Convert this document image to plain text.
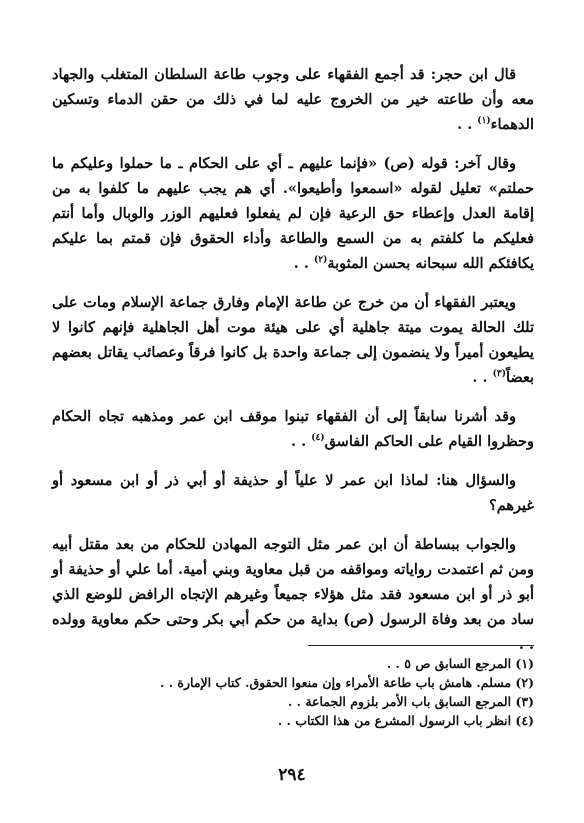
قال ابن حجر: قد أجمع الفقهاء على وجوب طاعة السلطان المتغلب والجهاد معه وأن طاعته خير من الخروج عليه لما في ذلك من حقن الدماء وتسكين الدهماء$^{(١)}$ . .

وقال آخر: قوله (ص) «فإنما عليهم ـ أي على الحكام ـ ما حملوا وعليكم ما حملتم» تعليل لقوله «اسمعوا وأطيعوا». أي هم يجب عليهم ما كلفوا به من إقامة العدل وإعطاء حق الرعية فإن لم يفعلوا فعليهم الوزر والوبال وأما أنتم فعليكم ما كلفتم به من السمع والطاعة وأداء الحقوق فإن قمتم بما عليكم يكافئكم الله سبحانه بحسن المثوبة$^{(٢)}$ . .

ويعتبر الفقهاء أن من خرج عن طاعة الإمام وفارق جماعة الإسلام ومات على تلك الحالة يموت ميتة جاهلية أي على هيئة موت أهل الجاهلية فإنهم كانوا لا يطيعون أميراً ولا ينضمون إلى جماعة واحدة بل كانوا فرقاً وعصائب يقاتل بعضهم بعضاً$^{(٣)}$ . .

وقد أشرنا سابقاً إلى أن الفقهاء تبنوا موقف ابن عمر ومذهبه تجاه الحكام وحظروا القيام على الحاكم الفاسق$^{(٤)}$ . .

والسؤال هنا: لماذا ابن عمر لا علياً أو حذيفة أو أبي ذر أو ابن مسعود أو غيرهم؟

والجواب ببساطة أن ابن عمر مثل التوجه المهادن للحكام من بعد مقتل أبيه ومن ثم اعتمدت رواياته ومواقفه من قبل معاوية وبني أمية. أما علي أو حذيفة أو أبو ذر أو ابن مسعود فقد مثل هؤلاء جميعاً وغيرهم الإتجاه الرافض للوضع الذي ساد من بعد وفاة الرسول (ص) بداية من حكم أبي بكر وحتى حكم معاوية وولده . .

(١) المرجع السابق ص ٥ . .

(٢) مسلم. هامش باب طاعة الأمراء وإن منعوا الحقوق. كتاب الإمارة . .

(٣) المرجع السابق باب الأمر بلزوم الجماعة . .

(٤) انظر باب الرسول المشرع من هذا الكتاب . .

٢٩٤
